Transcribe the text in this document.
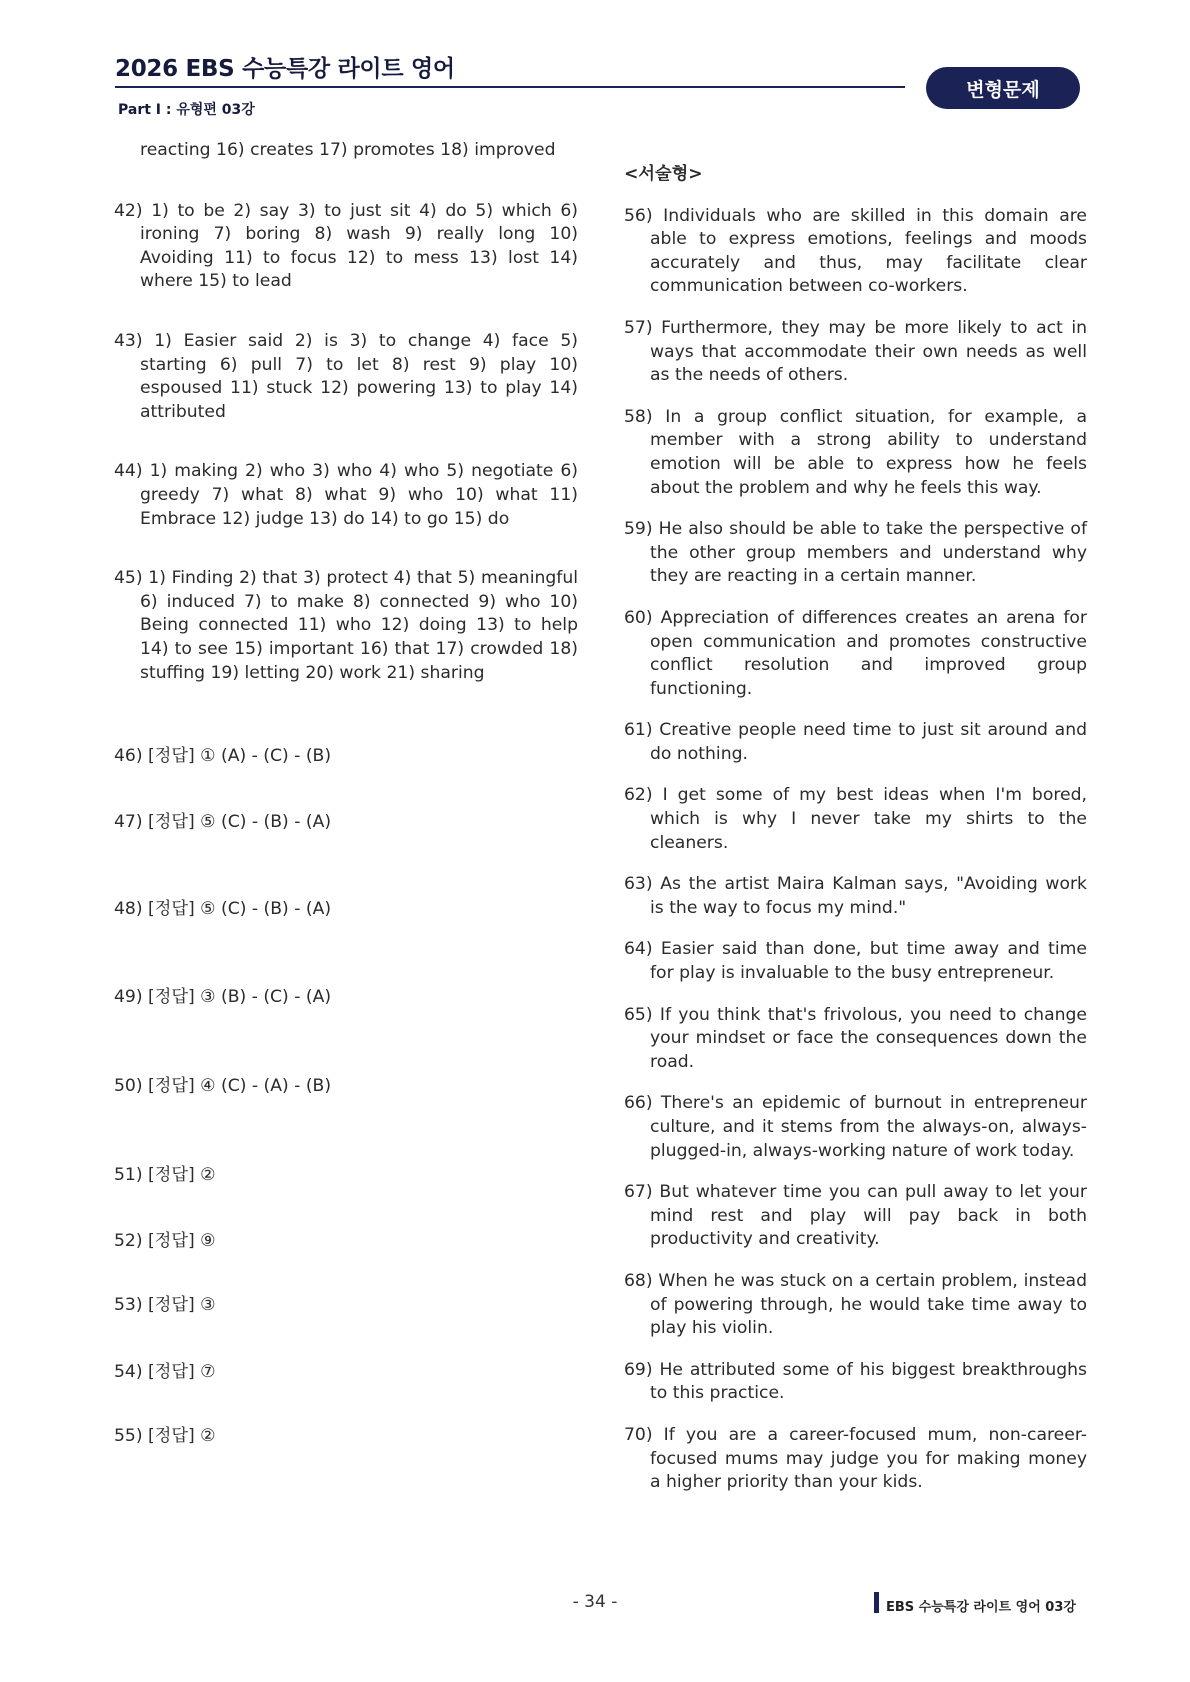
2026 EBS 수능특강 라이트 영어
Part Ⅰ : 유형편 03강
변형문제

reacting 16) creates 17) promotes 18) improved

42) 1) to be 2) say 3) to just sit 4) do 5) which 6) ironing 7) boring 8) wash 9) really long 10) Avoiding 11) to focus 12) to mess 13) lost 14) where 15) to lead

43) 1) Easier said 2) is 3) to change 4) face 5) starting 6) pull 7) to let 8) rest 9) play 10) espoused 11) stuck 12) powering 13) to play 14) attributed

44) 1) making 2) who 3) who 4) who 5) negotiate 6) greedy 7) what 8) what 9) who 10) what 11) Embrace 12) judge 13) do 14) to go 15) do

45) 1) Finding 2) that 3) protect 4) that 5) meaningful 6) induced 7) to make 8) connected 9) who 10) Being connected 11) who 12) doing 13) to help 14) to see 15) important 16) that 17) crowded 18) stuffing 19) letting 20) work 21) sharing

46) [정답] ① (A) - (C) - (B)

47) [정답] ⑤ (C) - (B) - (A)

48) [정답] ⑤ (C) - (B) - (A)

49) [정답] ③ (B) - (C) - (A)

50) [정답] ④ (C) - (A) - (B)

51) [정답] ②

52) [정답] ⑨

53) [정답] ③

54) [정답] ⑦

55) [정답] ②

<서술형>

56) Individuals who are skilled in this domain are able to express emotions, feelings and moods accurately and thus, may facilitate clear communication between co-workers.

57) Furthermore, they may be more likely to act in ways that accommodate their own needs as well as the needs of others.

58) In a group conflict situation, for example, a member with a strong ability to understand emotion will be able to express how he feels about the problem and why he feels this way.

59) He also should be able to take the perspective of the other group members and understand why they are reacting in a certain manner.

60) Appreciation of differences creates an arena for open communication and promotes constructive conflict resolution and improved group functioning.

61) Creative people need time to just sit around and do nothing.

62) I get some of my best ideas when I'm bored, which is why I never take my shirts to the cleaners.

63) As the artist Maira Kalman says, "Avoiding work is the way to focus my mind."

64) Easier said than done, but time away and time for play is invaluable to the busy entrepreneur.

65) If you think that's frivolous, you need to change your mindset or face the consequences down the road.

66) There's an epidemic of burnout in entrepreneur culture, and it stems from the always-on, always-plugged-in, always-working nature of work today.

67) But whatever time you can pull away to let your mind rest and play will pay back in both productivity and creativity.

68) When he was stuck on a certain problem, instead of powering through, he would take time away to play his violin.

69) He attributed some of his biggest breakthroughs to this practice.

70) If you are a career-focused mum, non-career-focused mums may judge you for making money a higher priority than your kids.

- 34 -	EBS 수능특강 라이트 영어 03강
